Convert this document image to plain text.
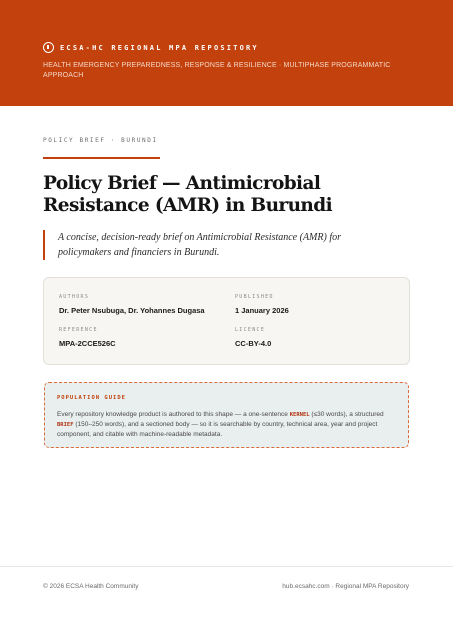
ECSA-HC REGIONAL MPA REPOSITORY
HEALTH EMERGENCY PREPAREDNESS, RESPONSE & RESILIENCE · MULTIPHASE PROGRAMMATIC APPROACH
POLICY BRIEF · BURUNDI
Policy Brief — Antimicrobial Resistance (AMR) in Burundi

A concise, decision-ready brief on Antimicrobial Resistance (AMR) for policymakers and financiers in Burundi.

AUTHORS
Dr. Peter Nsubuga, Dr. Yohannes Dugasa
PUBLISHED
1 January 2026
REFERENCE
MPA-2CCE526C
LICENCE
CC-BY-4.0
POPULATION GUIDE

Every repository knowledge product is authored to this shape — a one-sentence KERNEL (≤30 words), a structured BRIEF (150–250 words), and a sectioned body — so it is searchable by country, technical area, year and project component, and citable with machine-readable metadata.

© 2026 ECSA Health Community	hub.ecsahc.com · Regional MPA Repository
